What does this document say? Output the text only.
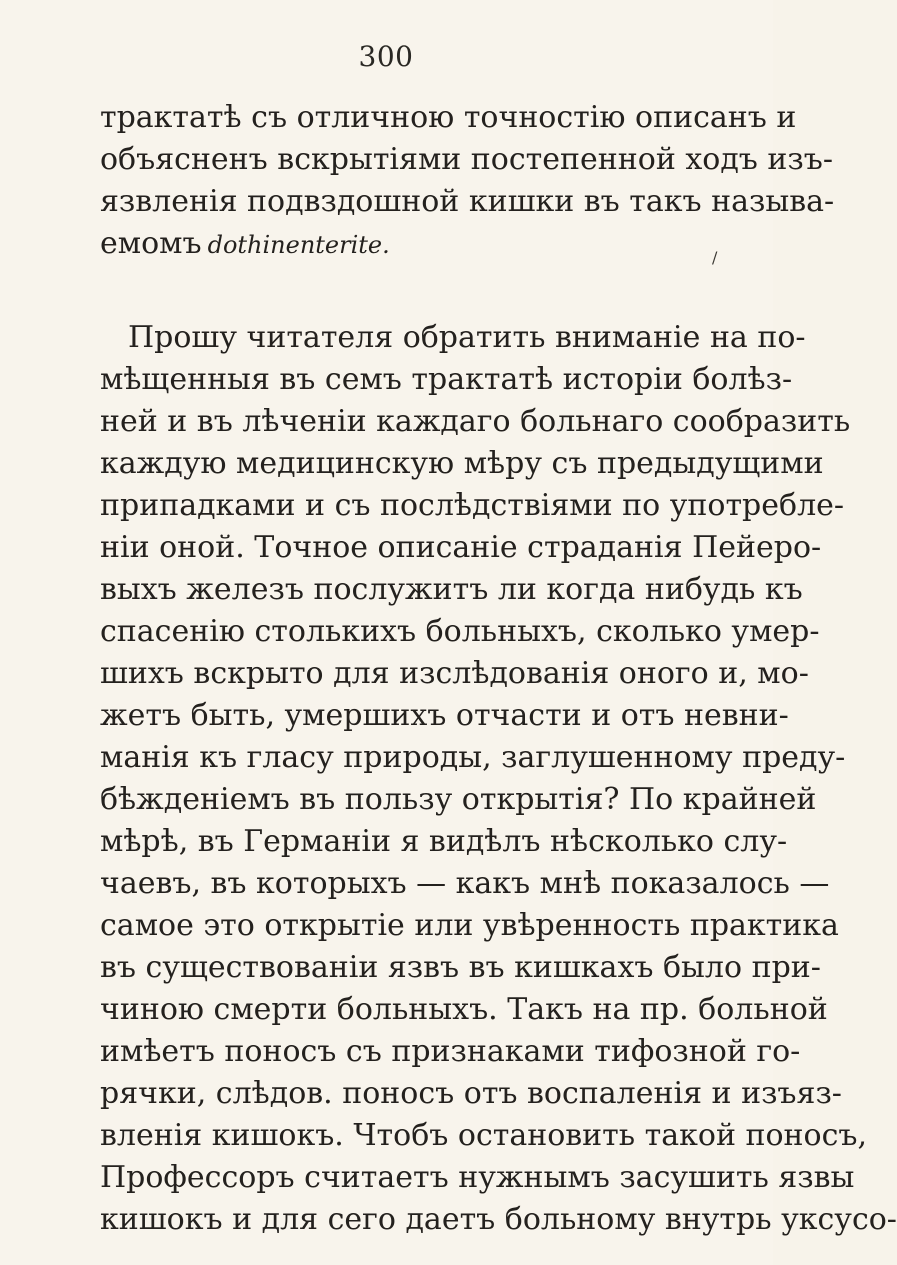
300
трактатѣ съ отличною точностію описанъ и
объясненъ вскрытіями постепенной ходъ изъ-
язвленія подвздошной кишки въ такъ называ-
емомъ dothinenterite.	/
Прошу читателя обратить вниманіе на по-
мѣщенныя въ семъ трактатѣ исторіи болѣз-
ней и въ лѣченіи каждаго больнаго сообразить
каждую медицинскую мѣру съ предыдущими
припадками и съ послѣдствіями по употребле-
ніи оной. Точное описаніе страданія Пейеро-
выхъ железъ послужитъ ли когда нибудь къ
спасенію столькихъ больныхъ, сколько умер-
шихъ вскрыто для изслѣдованія оного и, мо-
жетъ быть, умершихъ отчасти и отъ невни-
манія къ гласу природы, заглушенному преду-
бѣжденіемъ въ пользу открытія? По крайней
мѣрѣ, въ Германіи я видѣлъ нѣсколько слу-
чаевъ, въ которыхъ — какъ мнѣ показалось —
самое это открытіе или увѣренность практика
въ существованіи язвъ въ кишкахъ было при-
чиною смерти больныхъ. Такъ на пр. больной
имѣетъ поносъ съ признаками тифозной го-
рячки, слѣдов. поносъ отъ воспаленія и изъяз-
вленія кишокъ. Чтобъ остановить такой поносъ,
Профессоръ считаетъ нужнымъ засушить язвы
кишокъ и для сего даетъ больному внутрь уксусо-
